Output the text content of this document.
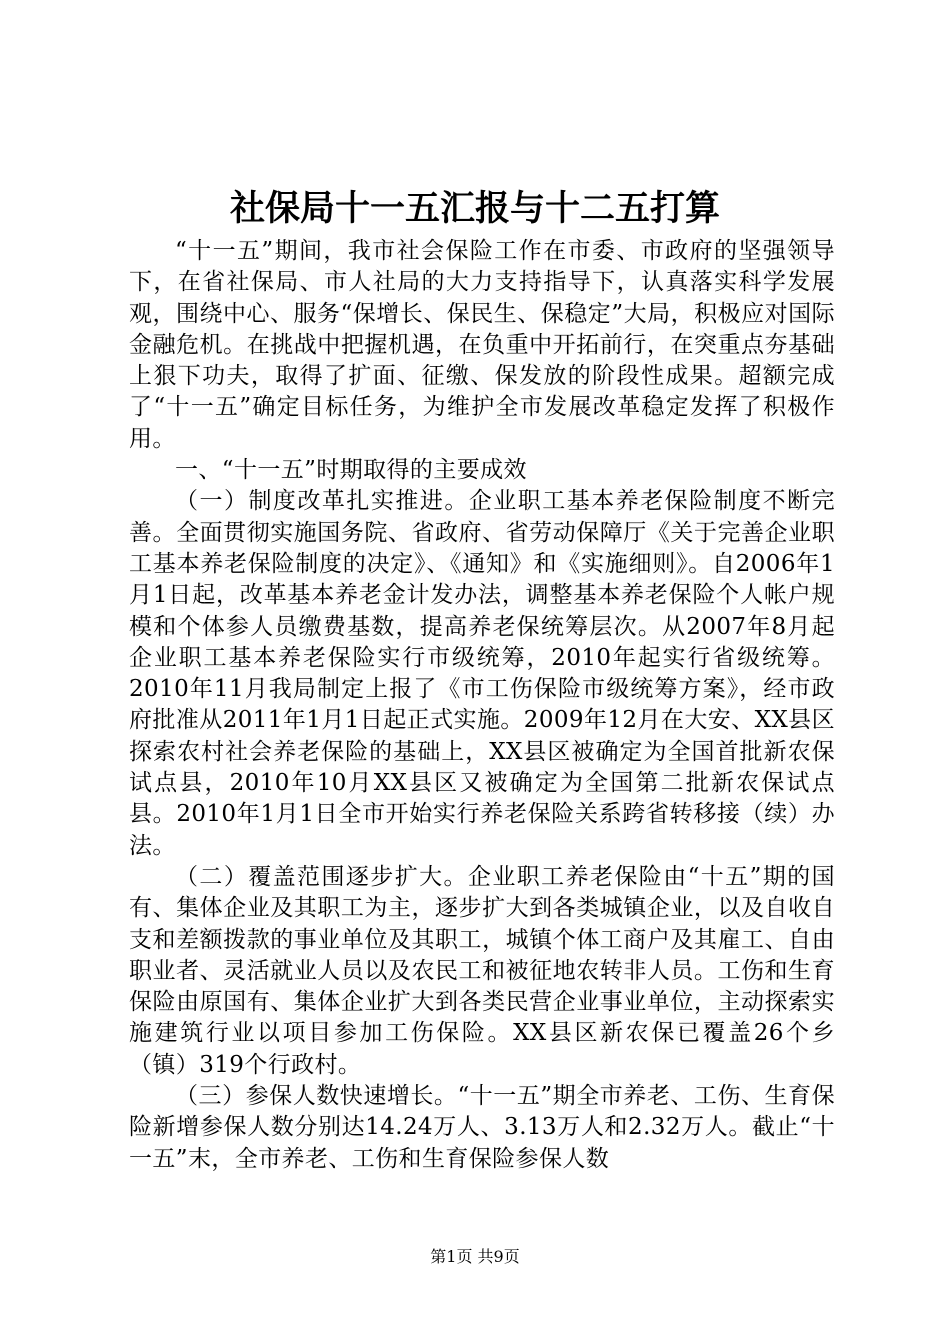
社保局十一五汇报与十二五打算

“十一五”期间，我市社会保险工作在市委、市政府的坚强领导下，在省社保局、市人社局的大力支持指导下，认真落实科学发展观，围绕中心、服务“保增长、保民生、保稳定”大局，积极应对国际金融危机。在挑战中把握机遇，在负重中开拓前行，在突重点夯基础上狠下功夫，取得了扩面、征缴、保发放的阶段性成果。超额完成了“十一五”确定目标任务，为维护全市发展改革稳定发挥了积极作用。

一、“十一五”时期取得的主要成效

（一）制度改革扎实推进。企业职工基本养老保险制度不断完善。全面贯彻实施国务院、省政府、省劳动保障厅《关于完善企业职工基本养老保险制度的决定》、《通知》和《实施细则》。自2006年1月1日起，改革基本养老金计发办法，调整基本养老保险个人帐户规模和个体参人员缴费基数，提高养老保统筹层次。从2007年8月起企业职工基本养老保险实行市级统筹，2010年起实行省级统筹。2010年11月我局制定上报了《市工伤保险市级统筹方案》，经市政府批准从2011年1月1日起正式实施。2009年12月在大安、XX县区探索农村社会养老保险的基础上，XX县区被确定为全国首批新农保试点县，2010年10月XX县区又被确定为全国第二批新农保试点县。2010年1月1日全市开始实行养老保险关系跨省转移接（续）办法。

（二）覆盖范围逐步扩大。企业职工养老保险由“十五”期的国有、集体企业及其职工为主，逐步扩大到各类城镇企业，以及自收自支和差额拨款的事业单位及其职工，城镇个体工商户及其雇工、自由职业者、灵活就业人员以及农民工和被征地农转非人员。工伤和生育保险由原国有、集体企业扩大到各类民营企业事业单位，主动探索实施建筑行业以项目参加工伤保险。XX县区新农保已覆盖26个乡（镇）319个行政村。

（三）参保人数快速增长。“十一五”期全市养老、工伤、生育保险新增参保人数分别达14.24万人、3.13万人和2.32万人。截止“十一五”末，全市养老、工伤和生育保险参保人数

第1页 共9页
